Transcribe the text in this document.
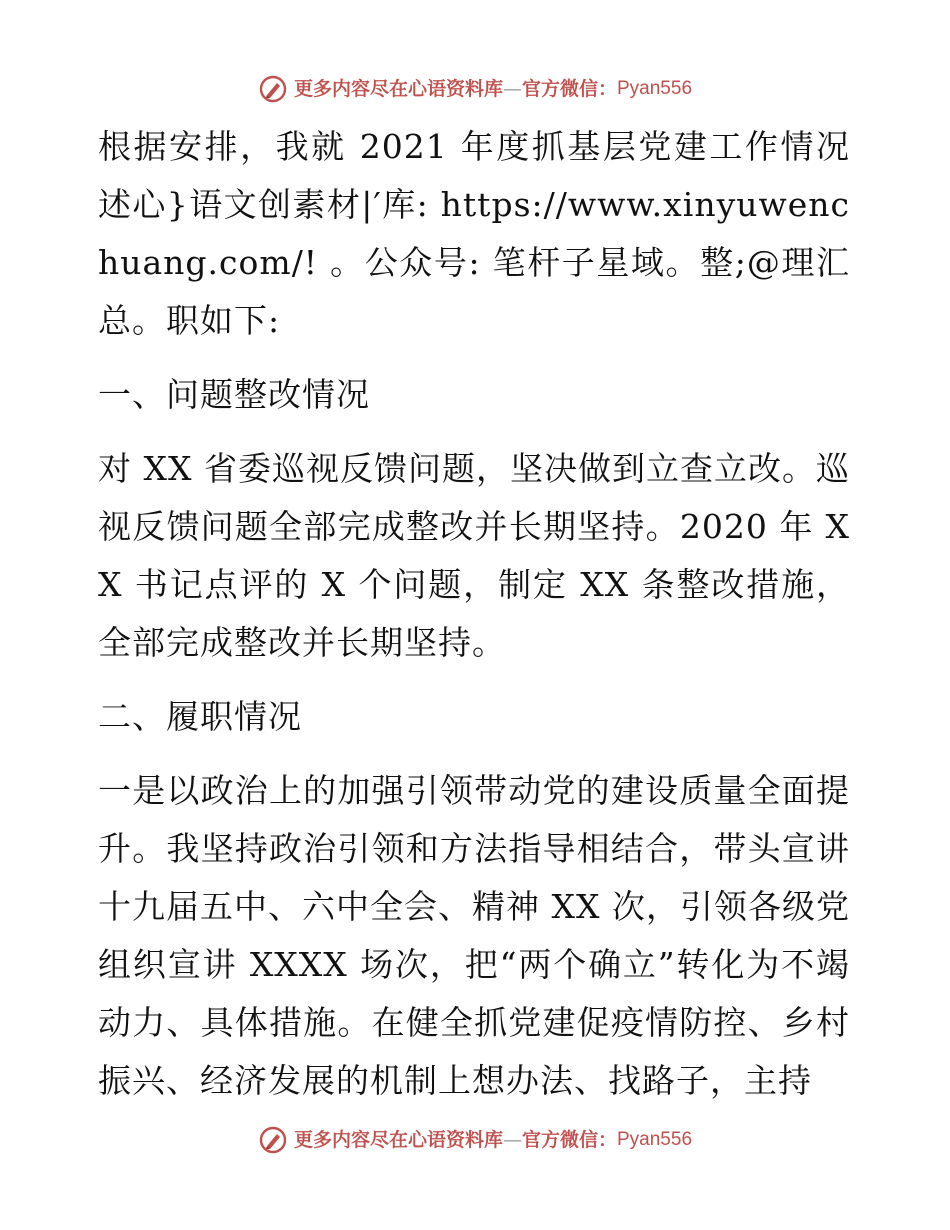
更多内容尽在心语资料库 — 官方微信： Pyan556

根据安排，我就 2021 年度抓基层党建工作情况述心}语文创素材|′库: https://www.xinyuwenchuang.com/! 。公众号: 笔杆子星域。整;@理汇总。职如下:

一、问题整改情况

对 XX 省委巡视反馈问题，坚决做到立查立改。巡视反馈问题全部完成整改并长期坚持。2020 年 XX 书记点评的 X 个问题，制定 XX 条整改措施，全部完成整改并长期坚持。

二、履职情况

一是以政治上的加强引领带动党的建设质量全面提升。我坚持政治引领和方法指导相结合，带头宣讲十九届五中、六中全会、精神 XX 次，引领各级党组织宣讲 XXXX 场次，把“两个确立”转化为不竭动力、具体措施。在健全抓党建促疫情防控、乡村振兴、经济发展的机制上想办法、找路子，主持

更多内容尽在心语资料库 — 官方微信： Pyan556
